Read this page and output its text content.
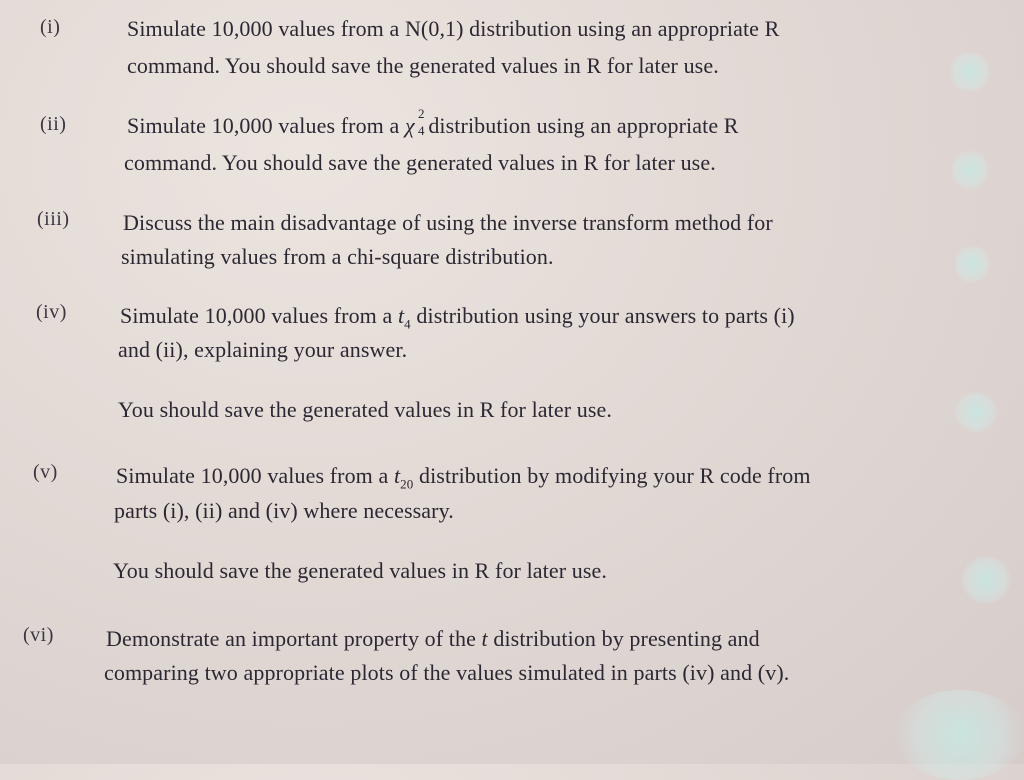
(i)	Simulate 10,000 values from a N(0,1) distribution using an appropriate R
command. You should save the generated values in R for later use.
(ii)	Simulate 10,000 values from a χ 2
4
distribution using an appropriate R
command. You should save the generated values in R for later use.
(iii) Discuss the main disadvantage of using the inverse transform method for
simulating values from a chi-square distribution.
(iv) Simulate 10,000 values from a $t_4$ distribution using your answers to parts (i)
and (ii), explaining your answer.
You should save the generated values in R for later use.
(v)	Simulate 10,000 values from a $t_{20}$ distribution by modifying your R code from
parts (i), (ii) and (iv) where necessary.
You should save the generated values in R for later use.
(vi) Demonstrate an important property of the t distribution by presenting and
comparing two appropriate plots of the values simulated in parts (iv) and (v).
